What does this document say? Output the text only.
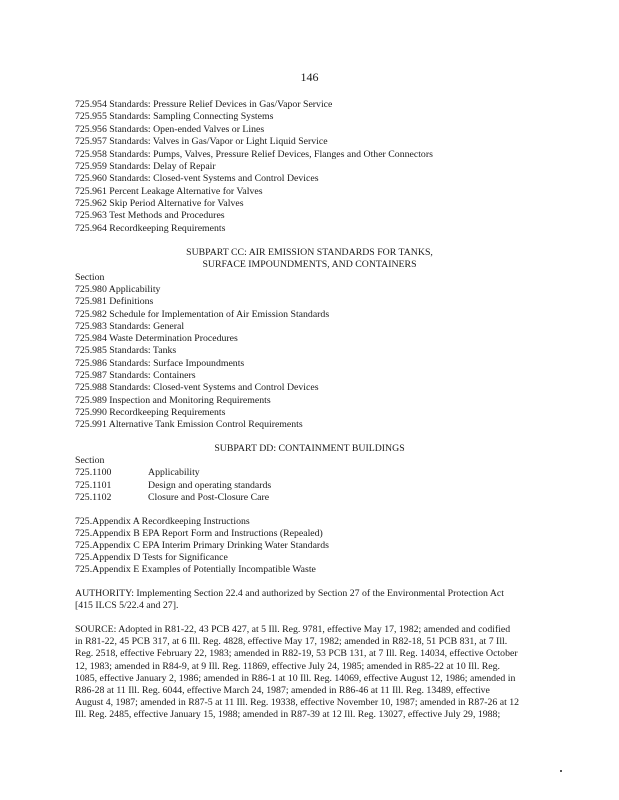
146
725.954 Standards: Pressure Relief Devices in Gas/Vapor Service
725.955 Standards: Sampling Connecting Systems
725.956 Standards: Open-ended Valves or Lines
725.957 Standards: Valves in Gas/Vapor or Light Liquid Service
725.958 Standards: Pumps, Valves, Pressure Relief Devices, Flanges and Other Connectors
725.959 Standards: Delay of Repair
725.960 Standards: Closed-vent Systems and Control Devices
725.961 Percent Leakage Alternative for Valves
725.962 Skip Period Alternative for Valves
725.963 Test Methods and Procedures
725.964 Recordkeeping Requirements
SUBPART CC: AIR EMISSION STANDARDS FOR TANKS,
SURFACE IMPOUNDMENTS, AND CONTAINERS
Section
725.980 Applicability
725.981 Definitions
725.982 Schedule for Implementation of Air Emission Standards
725.983 Standards: General
725.984 Waste Determination Procedures
725.985 Standards: Tanks
725.986 Standards: Surface Impoundments
725.987 Standards: Containers
725.988 Standards: Closed-vent Systems and Control Devices
725.989 Inspection and Monitoring Requirements
725.990 Recordkeeping Requirements
725.991 Alternative Tank Emission Control Requirements
SUBPART DD: CONTAINMENT BUILDINGS
Section
725.1100	Applicability
725.1101	Design and operating standards
725.1102	Closure and Post-Closure Care
725.Appendix A Recordkeeping Instructions
725.Appendix B EPA Report Form and Instructions (Repealed)
725.Appendix C EPA Interim Primary Drinking Water Standards
725.Appendix D Tests for Significance
725.Appendix E Examples of Potentially Incompatible Waste
AUTHORITY: Implementing Section 22.4 and authorized by Section 27 of the Environmental Protection Act
[415 ILCS 5/22.4 and 27].
SOURCE: Adopted in R81-22, 43 PCB 427, at 5 Ill. Reg. 9781, effective May 17, 1982; amended and codified
in R81-22, 45 PCB 317, at 6 Ill. Reg. 4828, effective May 17, 1982; amended in R82-18, 51 PCB 831, at 7 Ill.
Reg. 2518, effective February 22, 1983; amended in R82-19, 53 PCB 131, at 7 Ill. Reg. 14034, effective October
12, 1983; amended in R84-9, at 9 Ill. Reg. 11869, effective July 24, 1985; amended in R85-22 at 10 Ill. Reg.
1085, effective January 2, 1986; amended in R86-1 at 10 Ill. Reg. 14069, effective August 12, 1986; amended in
R86-28 at 11 Ill. Reg. 6044, effective March 24, 1987; amended in R86-46 at 11 Ill. Reg. 13489, effective
August 4, 1987; amended in R87-5 at 11 Ill. Reg. 19338, effective November 10, 1987; amended in R87-26 at 12
Ill. Reg. 2485, effective January 15, 1988; amended in R87-39 at 12 Ill. Reg. 13027, effective July 29, 1988;
